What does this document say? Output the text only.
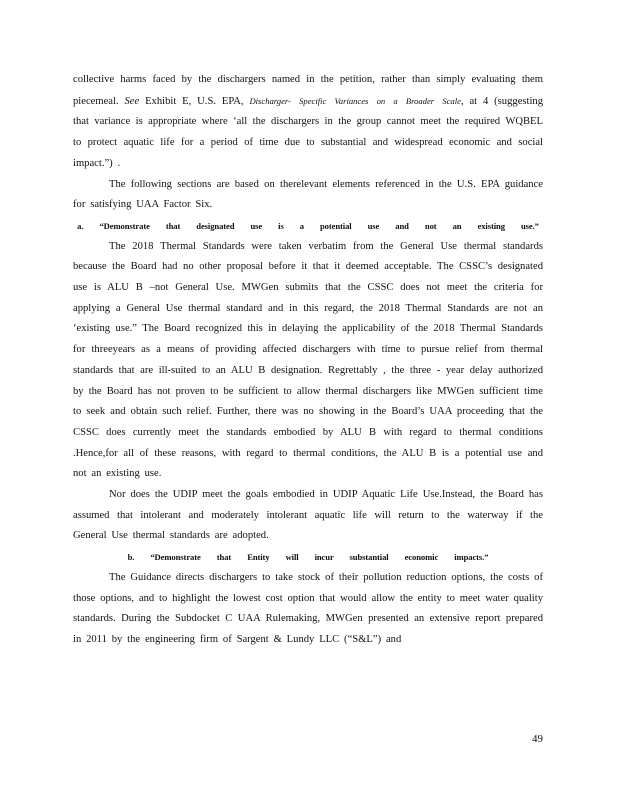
collective harms faced by the dischargers named in the petition, rather than simply evaluating them piecemeal. See Exhibit E, U.S. EPA, Discharger- Specific Variances on a Broader Scale, at 4 (suggesting that variance is appropriate where ‘all the dischargers in the group cannot meet the required WQBEL to protect aquatic life for a period of time due to substantial and widespread economic and social impact.”) .

The following sections are based on therelevant elements referenced in the U.S. EPA guidance for satisfying UAA Factor Six.

a. “Demonstrate that designated use is a potential use and not an existing use.”

The 2018 Thermal Standards were taken verbatim from the General Use thermal standards because the Board had no other proposal before it that it deemed acceptable. The CSSC’s designated use is ALU B –not General Use. MWGen submits that the CSSC does not meet the criteria for applying a General Use thermal standard and in this regard, the 2018 Thermal Standards are not an ‘existing use.” The Board recognized this in delaying the applicability of the 2018 Thermal Standards for threeyears as a means of providing affected dischargers with time to pursue relief from thermal standards that are ill-suited to an ALU B designation. Regrettably , the three - year delay authorized by the Board has not proven to be sufficient to allow thermal dischargers like MWGen sufficient time to seek and obtain such relief. Further, there was no showing in the Board’s UAA proceeding that the CSSC does currently meet the standards embodied by ALU B with regard to thermal conditions .Hence,for all of these reasons, with regard to thermal conditions, the ALU B is a potential use and not an existing use.

Nor does the UDIP meet the goals embodied in UDIP Aquatic Life Use.Instead, the Board has assumed that intolerant and moderately intolerant aquatic life will return to the waterway if the General Use thermal standards are adopted.

b. “Demonstrate that Entity will incur substantial economic impacts.”

The Guidance directs dischargers to take stock of their pollution reduction options, the costs of those options, and to highlight the lowest cost option that would allow the entity to meet water quality standards. During the Subdocket C UAA Rulemaking, MWGen presented an extensive report prepared in 2011 by the engineering firm of Sargent & Lundy LLC (“S&L”) and

49
